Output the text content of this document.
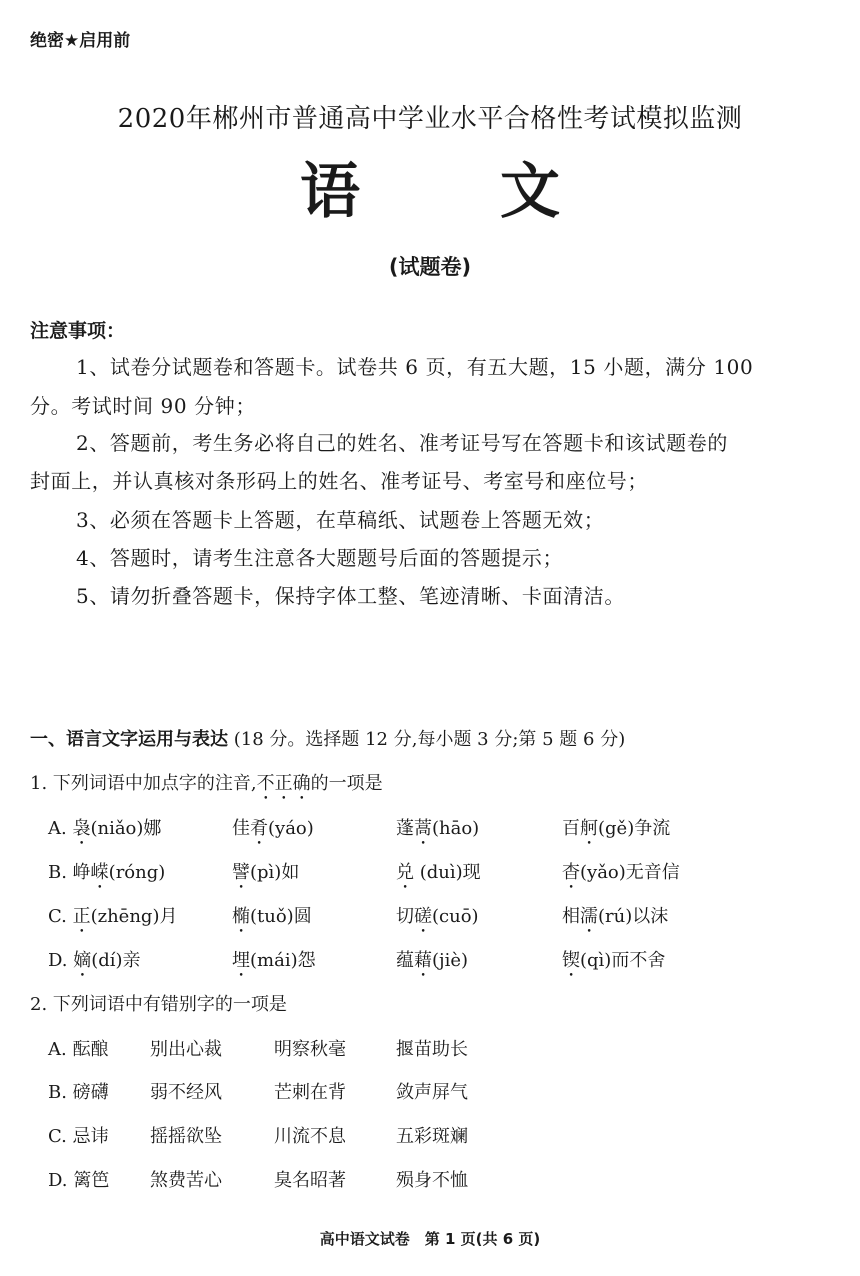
绝密★启用前
2020年郴州市普通高中学业水平合格性考试模拟监测
语 文
(试题卷)
注意事项：
1、试卷分试题卷和答题卡。试卷共 6 页，有五大题，15 小题，满分 100
分。考试时间 90 分钟；
2、答题前，考生务必将自己的姓名、准考证号写在答题卡和该试题卷的
封面上，并认真核对条形码上的姓名、准考证号、考室号和座位号；
3、必须在答题卡上答题，在草稿纸、试题卷上答题无效；
4、答题时，请考生注意各大题题号后面的答题提示；
5、请勿折叠答题卡，保持字体工整、笔迹清晰、卡面清洁。
一、语言文字运用与表达 (18 分。选择题 12 分,每小题 3 分;第 5 题 6 分)
1. 下列词语中加点字的注音,不正确的一项是
A. 袅(niǎo)娜	佳肴(yáo)	蓬蒿(hāo)	百舸(gě)争流
B. 峥嵘(róng)	譬(pì)如	兑 (duì)现	杳(yǎo)无音信
C. 正(zhēng)月	椭(tuǒ)圆	切磋(cuō)	相濡(rú)以沫
D. 嫡(dí)亲	埋(mái)怨	蕴藉(jiè)	锲(qì)而不舍
2. 下列词语中有错别字的一项是
A. 酝酿 别出心裁	明察秋毫	揠苗助长
B. 磅礴 弱不经风	芒刺在背	敛声屏气
C. 忌讳 摇摇欲坠	川流不息	五彩斑斓
D. 篱笆 煞费苦心	臭名昭著	殒身不恤
高中语文试卷　第 1 页(共 6 页)
